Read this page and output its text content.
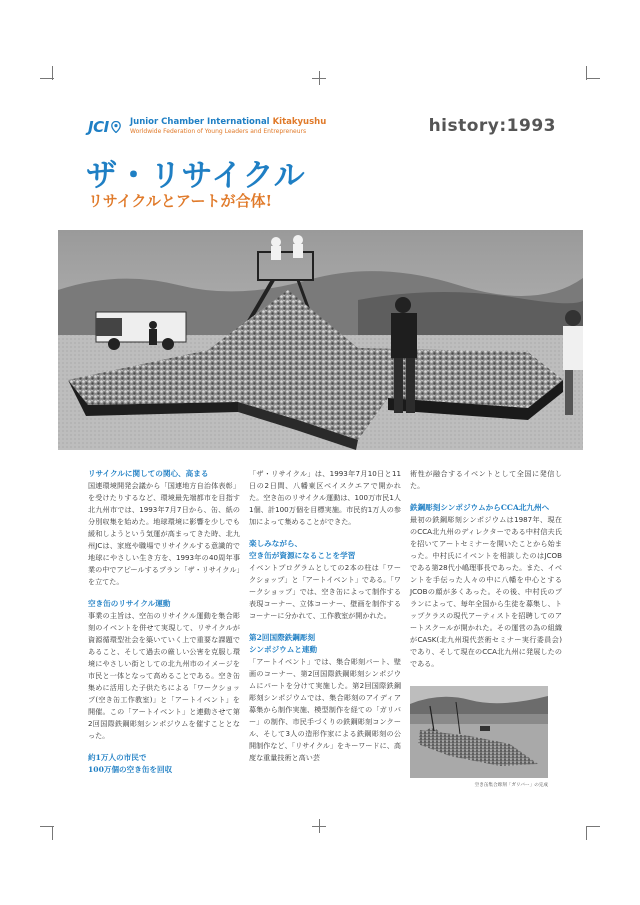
JCI	Junior Chamber International Kitakyushu
Worldwide Federation of Young Leaders and Entrepreneurs	history:1993
ザ・リサイクル
リサイクルとアートが合体!

リサイクルに関しての関心、高まる

国連環境開発会議から「国連地方自治体表彰」を受けたりするなど、環境最先端都市を目指す北九州市では、1993年7月7日から、缶、紙の分別収集を始めた。地球環境に影響を少しでも緩和しようという気運が高まってきた時、北九州JCは、家庭や職場でリサイクルする意識的で地球にやさしい生き方を、1993年の40周年事業の中でアピールするプラン「ザ・リサイクル」を立てた。

空き缶のリサイクル運動

事業の主旨は、空缶のリサイクル運動を集合彫刻のイベントを併せて実現して、リサイクルが資源循環型社会を築いていく上で重要な課題であること、そして過去の厳しい公害を克服し環境にやさしい街としての北九州市のイメージを市民と一体となって高めることである。空き缶集めに活用した子供たちによる「ワークショップ(空き缶工作教室)」と「アートイベント」を開催。この「アートイベント」と連動させて第2回国際鉄鋼彫刻シンポジウムを催すこととなった。

約1万人の市民で

100万個の空き缶を回収

「ザ・リサイクル」は、1993年7月10日と11日の2日間、八幡東区ベイスクエアで開かれた。空き缶のリサイクル運動は、100万市民1人1個、計100万個を目標実施。市民約1万人の参加によって集めることができた。

楽しみながら、

空き缶が資源になることを学習

イベントプログラムとしての2本の柱は「ワークショップ」と「アートイベント」である。「ワークショップ」では、空き缶によって制作する表現コーナー、立体コーナー、壁画を制作するコーナーに分かれて、工作教室が開かれた。

第2回国際鉄鋼彫刻

シンポジウムと連動

「アートイベント」では、集合彫刻パート、壁画のコーナー、第2回国際鉄鋼彫刻シンポジウムにパートを分けて実施した。第2回国際鉄鋼彫刻シンポジウムでは、集合彫刻のアイディア募集から制作実施、模型制作を経ての「ガリバー」の制作、市民手づくりの鉄鋼彫刻コンクール、そして3人の造形作家による鉄鋼彫刻の公開制作など、「リサイクル」をキーワードに、高度な重量技術と高い芸

術性が融合するイベントとして全国に発信した。

鉄鋼彫刻シンポジウムからCCA北九州へ

最初の鉄鋼彫刻シンポジウムは1987年、現在のCCA北九州のディレクターである中村信夫氏を招いてアートセミナーを開いたことから始まった。中村氏にイベントを相談したのはJCOBである第28代小嶋理事長であった。また、イベントを手伝った人々の中に八幡を中心とするJCOBの顔が多くあった。その後、中村氏のプランによって、毎年全国から生徒を募集し、トップクラスの現代アーティストを招聘してのアートスクールが開かれた。その運営の為の組織がCASK(北九州現代芸術セミナー実行委員会)であり、そして現在のCCA北九州に発展したのである。

空き缶集合彫刻「ガリバー」の完成
